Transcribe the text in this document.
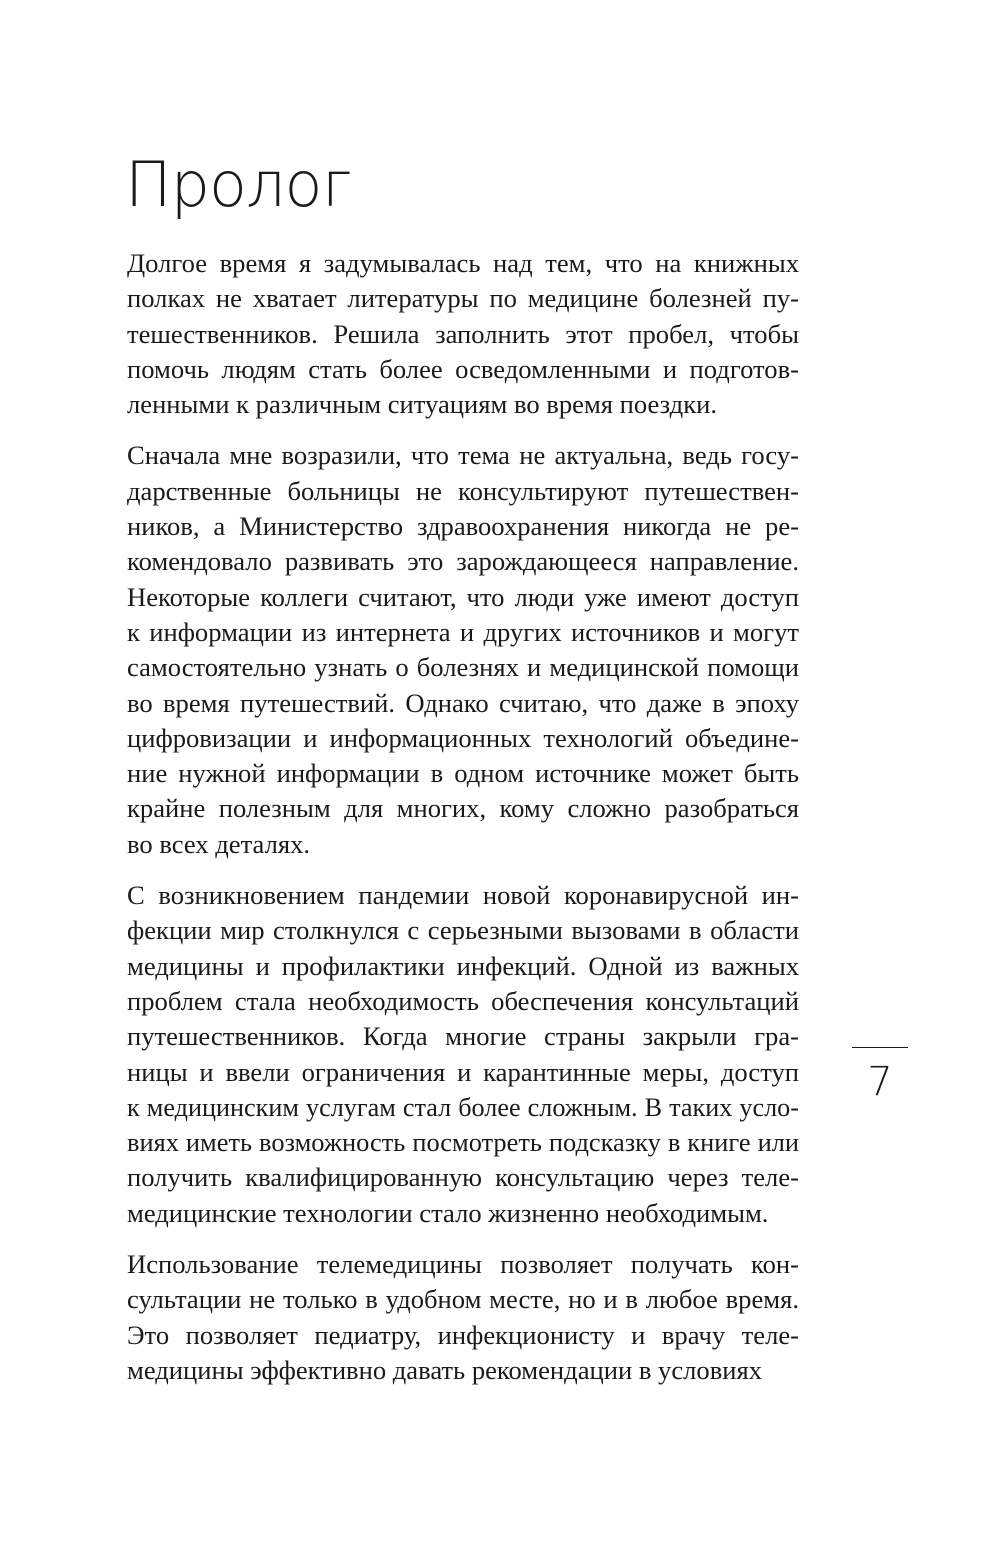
Пролог

Долгое время я задумывалась над тем, что на книжных
полках не хватает литературы по медицине болезней пу-
тешественников. Решила заполнить этот пробел, чтобы
помочь людям стать более осведомленными и подготов-
ленными к различным ситуациям во время поездки.

Сначала мне возразили, что тема не актуальна, ведь госу-
дарственные больницы не консультируют путешествен-
ников, а Министерство здравоохранения никогда не ре-
комендовало развивать это зарождающееся направление.
Некоторые коллеги считают, что люди уже имеют доступ
к информации из интернета и других источников и могут
самостоятельно узнать о болезнях и медицинской помощи
во время путешествий. Однако считаю, что даже в эпоху
цифровизации и информационных технологий объедине-
ние нужной информации в одном источнике может быть
крайне полезным для многих, кому сложно разобраться
во всех деталях.

С возникновением пандемии новой коронавирусной ин-
фекции мир столкнулся с серьезными вызовами в области
медицины и профилактики инфекций. Одной из важных
проблем стала необходимость обеспечения консультаций
путешественников. Когда многие страны закрыли гра-
ницы и ввели ограничения и карантинные меры, доступ
к медицинским услугам стал более сложным. В таких усло-
виях иметь возможность посмотреть подсказку в книге или
получить квалифицированную консультацию через теле-
медицинские технологии стало жизненно необходимым.

Использование телемедицины позволяет получать кон-
сультации не только в удобном месте, но и в любое время.
Это позволяет педиатру, инфекционисту и врачу теле-
медицины эффективно давать рекомендации в условиях

7
